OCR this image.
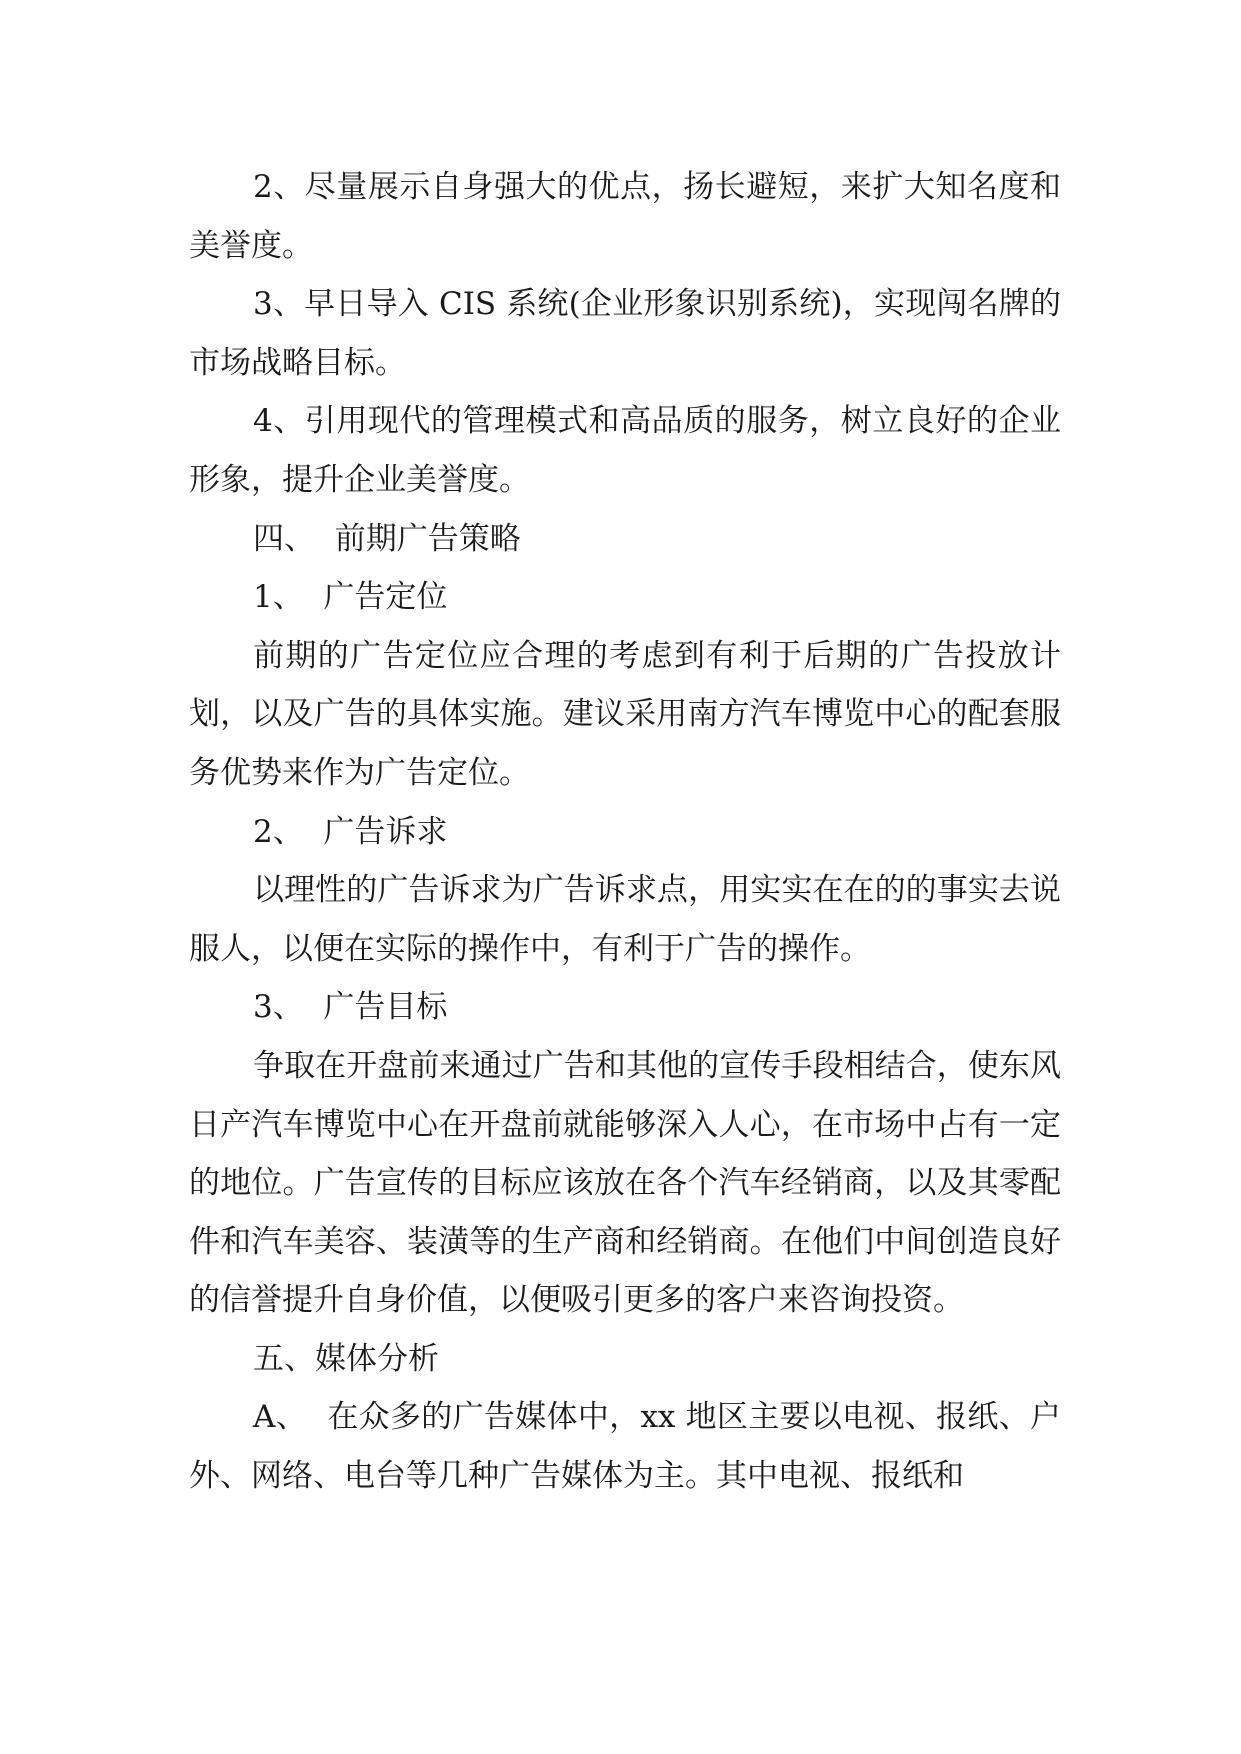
2、尽量展示自身强大的优点，扬长避短，来扩大知名度和美誉度。

3、早日导入 CIS 系统(企业形象识别系统)，实现闯名牌的市场战略目标。

4、引用现代的管理模式和高品质的服务，树立良好的企业形象，提升企业美誉度。

四、  前期广告策略

1、  广告定位

前期的广告定位应合理的考虑到有利于后期的广告投放计划，以及广告的具体实施。建议采用南方汽车博览中心的配套服务优势来作为广告定位。

2、  广告诉求

以理性的广告诉求为广告诉求点，用实实在在的的事实去说服人，以便在实际的操作中，有利于广告的操作。

3、  广告目标

争取在开盘前来通过广告和其他的宣传手段相结合，使东风日产汽车博览中心在开盘前就能够深入人心，在市场中占有一定的地位。广告宣传的目标应该放在各个汽车经销商，以及其零配件和汽车美容、装潢等的生产商和经销商。在他们中间创造良好的信誉提升自身价值，以便吸引更多的客户来咨询投资。

五、媒体分析

A、  在众多的广告媒体中，xx 地区主要以电视、报纸、户外、网络、电台等几种广告媒体为主。其中电视、报纸和
